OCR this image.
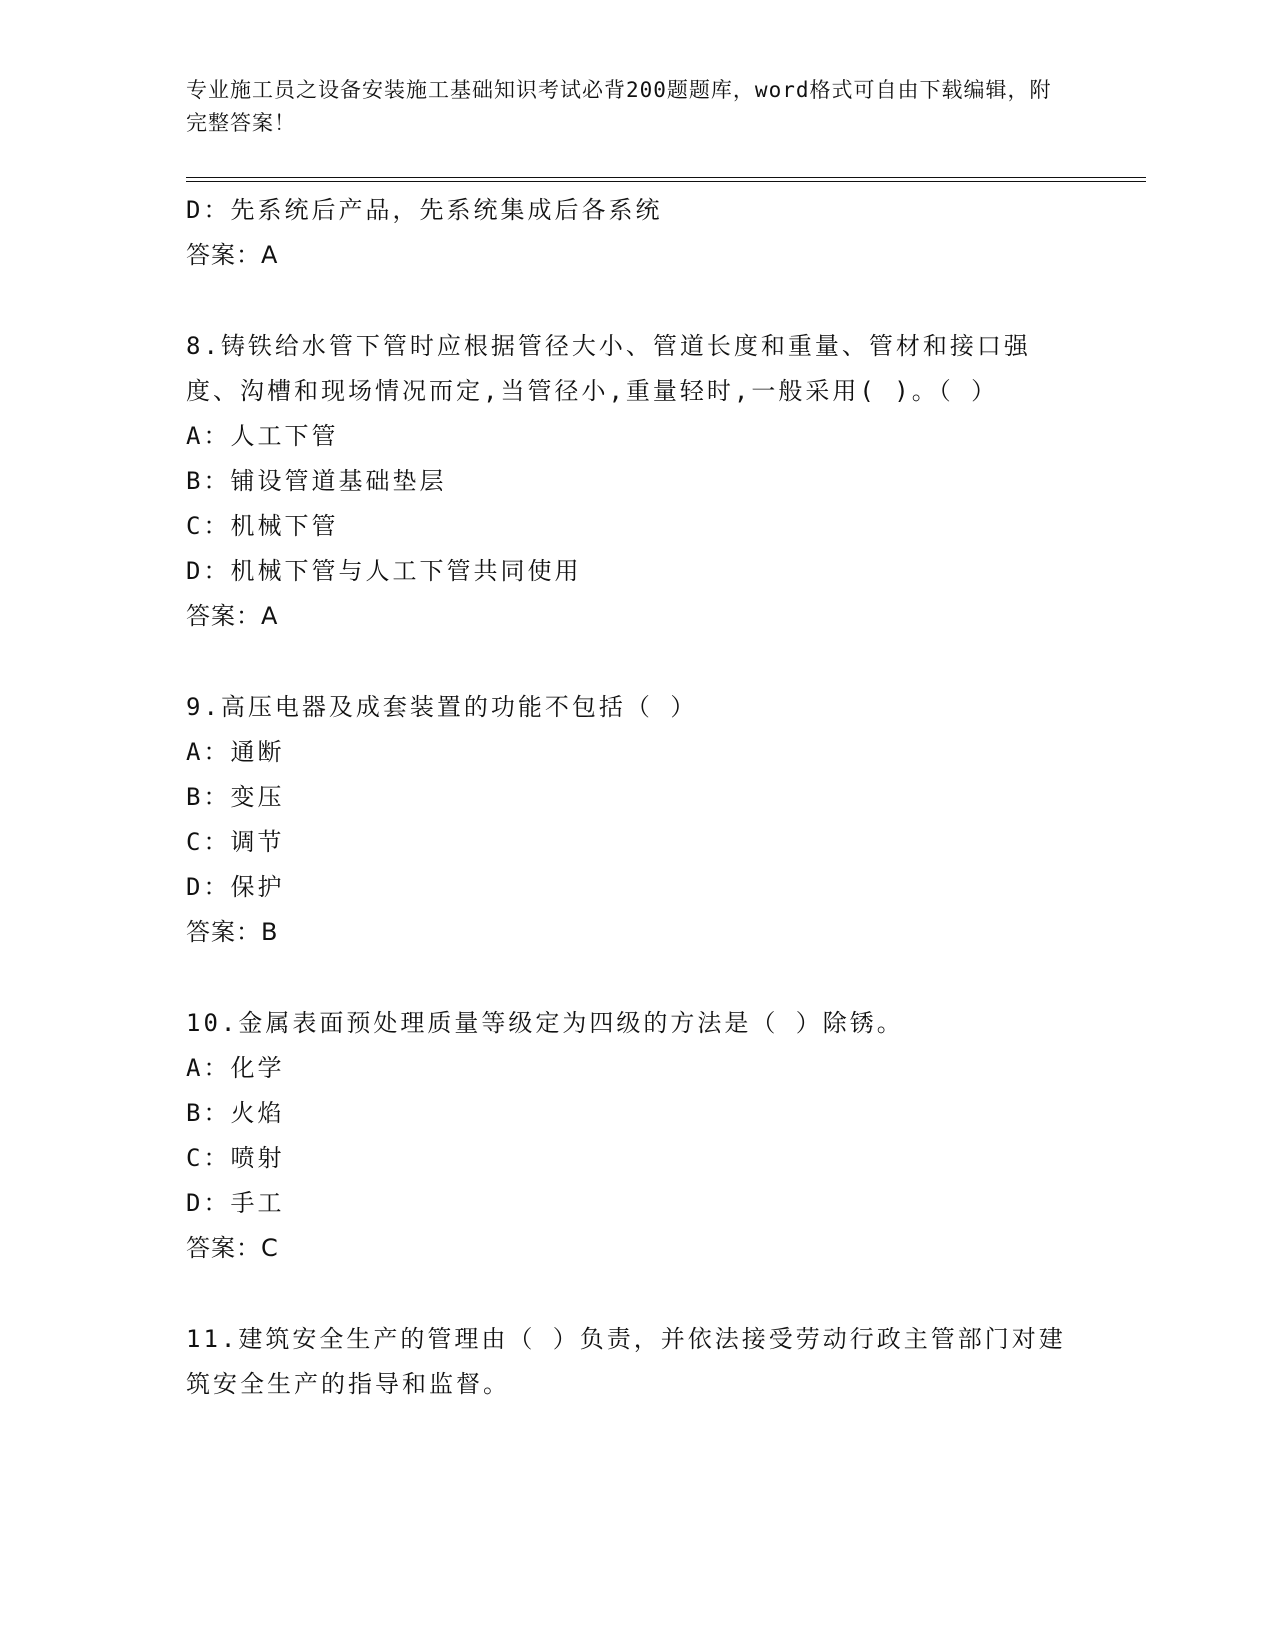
专业施工员之设备安装施工基础知识考试必背200题题库，word格式可自由下载编辑，附完整答案！
D：先系统后产品，先系统集成后各系统
答案：A
8.铸铁给水管下管时应根据管径大小、管道长度和重量、管材和接口强度、沟槽和现场情况而定,当管径小,重量轻时,一般采用( )。（ ）
A：人工下管
B：铺设管道基础垫层
C：机械下管
D：机械下管与人工下管共同使用
答案：A
9.高压电器及成套装置的功能不包括（ ）
A：通断
B：变压
C：调节
D：保护
答案：B
10.金属表面预处理质量等级定为四级的方法是（ ）除锈。
A：化学
B：火焰
C：喷射
D：手工
答案：C
11.建筑安全生产的管理由（ ）负责，并依法接受劳动行政主管部门对建筑安全生产的指导和监督。
